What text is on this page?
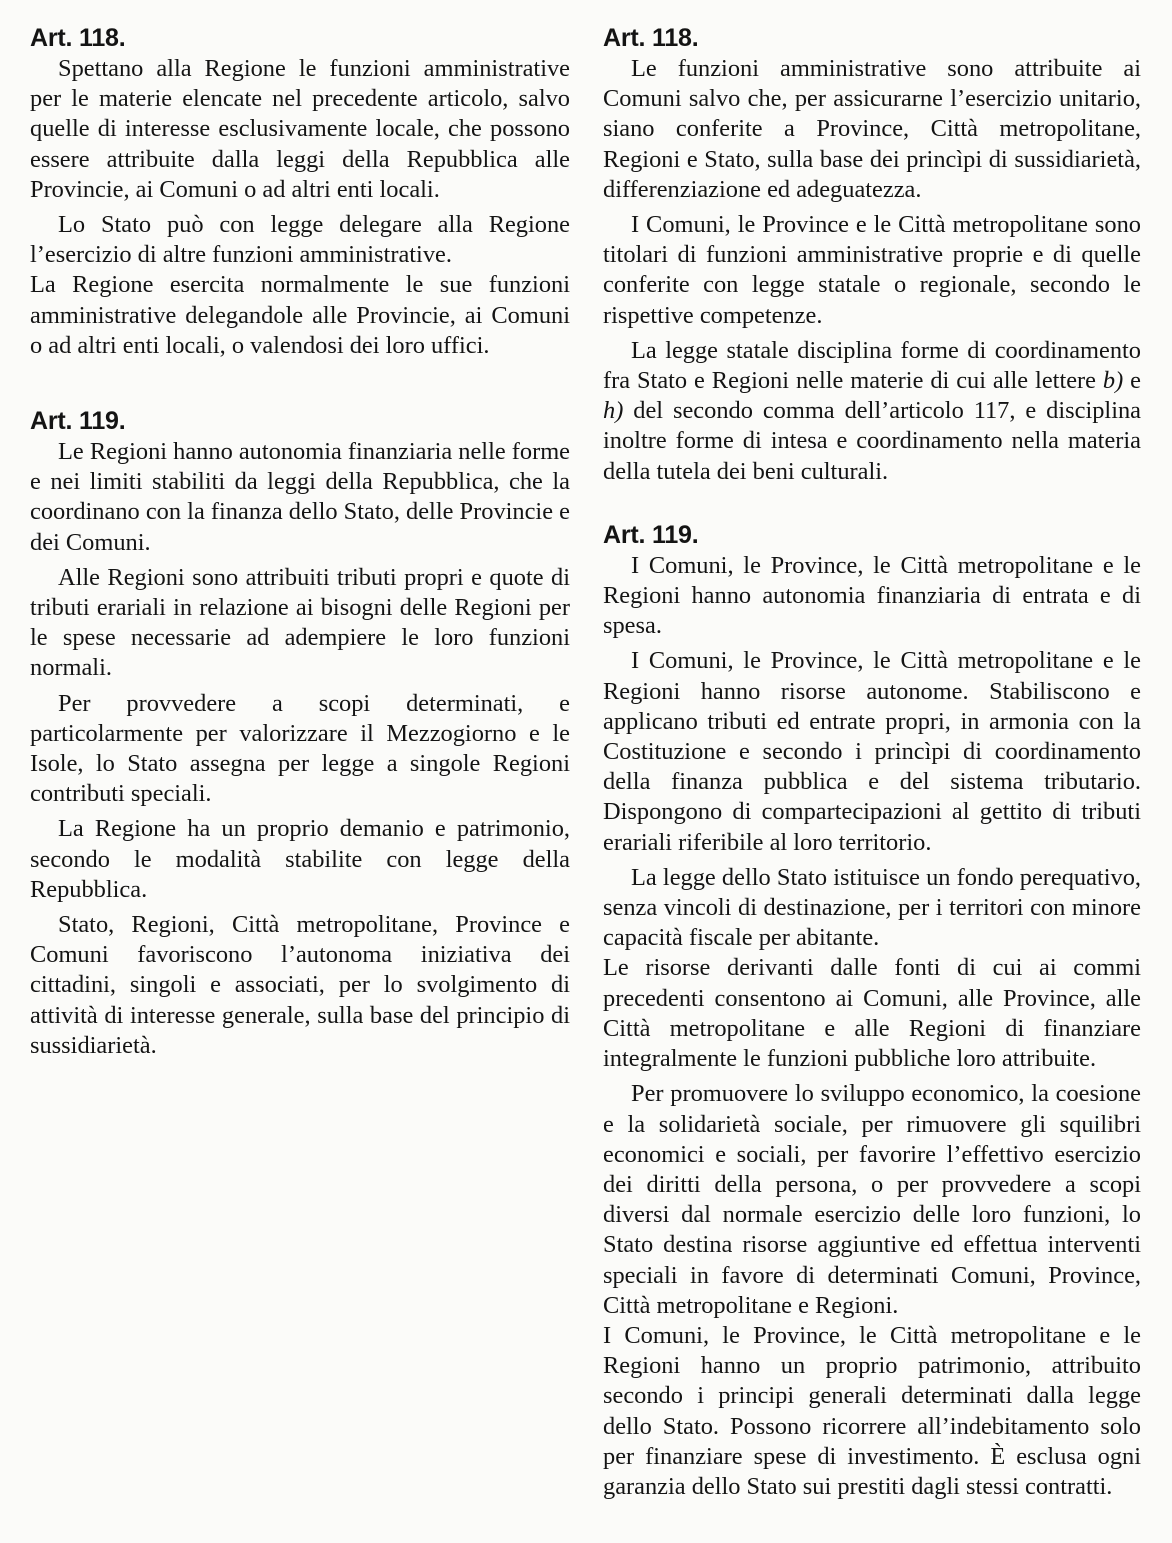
Art. 118.

Spettano alla Regione le funzioni amministrative per le materie elencate nel precedente articolo, salvo quelle di interesse esclusivamente locale, che possono essere attribuite dalla leggi della Repubblica alle Provincie, ai Comuni o ad altri enti locali.

Lo Stato può con legge delegare alla Regione l’esercizio di altre funzioni amministrative.

La Regione esercita normalmente le sue funzioni amministrative delegandole alle Provincie, ai Comuni o ad altri enti locali, o valendosi dei loro uffici.

Art. 119.

Le Regioni hanno autonomia finanziaria nelle forme e nei limiti stabiliti da leggi della Repubblica, che la coordinano con la finanza dello Stato, delle Provincie e dei Comuni.

Alle Regioni sono attribuiti tributi propri e quote di tributi erariali in relazione ai bisogni delle Regioni per le spese necessarie ad adempiere le loro funzioni normali.

Per provvedere a scopi determinati, e particolarmente per valorizzare il Mezzogiorno e le Isole, lo Stato assegna per legge a singole Regioni contributi speciali.

La Regione ha un proprio demanio e patrimonio, secondo le modalità stabilite con legge della Repubblica.

Stato, Regioni, Città metropolitane, Province e Comuni favoriscono l’autonoma iniziativa dei cittadini, singoli e associati, per lo svolgimento di attività di interesse generale, sulla base del principio di sussidiarietà.

Art. 118.

Le funzioni amministrative sono attribuite ai Comuni salvo che, per assicurarne l’esercizio unitario, siano conferite a Province, Città metropolitane, Regioni e Stato, sulla base dei princìpi di sussidiarietà, differenziazione ed adeguatezza.

I Comuni, le Province e le Città metropolitane sono titolari di funzioni amministrative proprie e di quelle conferite con legge statale o regionale, secondo le rispettive competenze.

La legge statale disciplina forme di coordinamento fra Stato e Regioni nelle materie di cui alle lettere b) e h) del secondo comma dell’articolo 117, e disciplina inoltre forme di intesa e coordinamento nella materia della tutela dei beni culturali.

Art. 119.

I Comuni, le Province, le Città metropolitane e le Regioni hanno autonomia finanziaria di entrata e di spesa.

I Comuni, le Province, le Città metropolitane e le Regioni hanno risorse autonome. Stabiliscono e applicano tributi ed entrate propri, in armonia con la Costituzione e secondo i princìpi di coordinamento della finanza pubblica e del sistema tributario. Dispongono di compartecipazioni al gettito di tributi erariali riferibile al loro territorio.

La legge dello Stato istituisce un fondo perequativo, senza vincoli di destinazione, per i territori con minore capacità fiscale per abitante.

Le risorse derivanti dalle fonti di cui ai commi precedenti consentono ai Comuni, alle Province, alle Città metropolitane e alle Regioni di finanziare integralmente le funzioni pubbliche loro attribuite.

Per promuovere lo sviluppo economico, la coesione e la solidarietà sociale, per rimuovere gli squilibri economici e sociali, per favorire l’effettivo esercizio dei diritti della persona, o per provvedere a scopi diversi dal normale esercizio delle loro funzioni, lo Stato destina risorse aggiuntive ed effettua interventi speciali in favore di determinati Comuni, Province, Città metropolitane e Regioni.

I Comuni, le Province, le Città metropolitane e le Regioni hanno un proprio patrimonio, attribuito secondo i principi generali determinati dalla legge dello Stato. Possono ricorrere all’indebitamento solo per finanziare spese di investimento. È esclusa ogni garanzia dello Stato sui prestiti dagli stessi contratti.
